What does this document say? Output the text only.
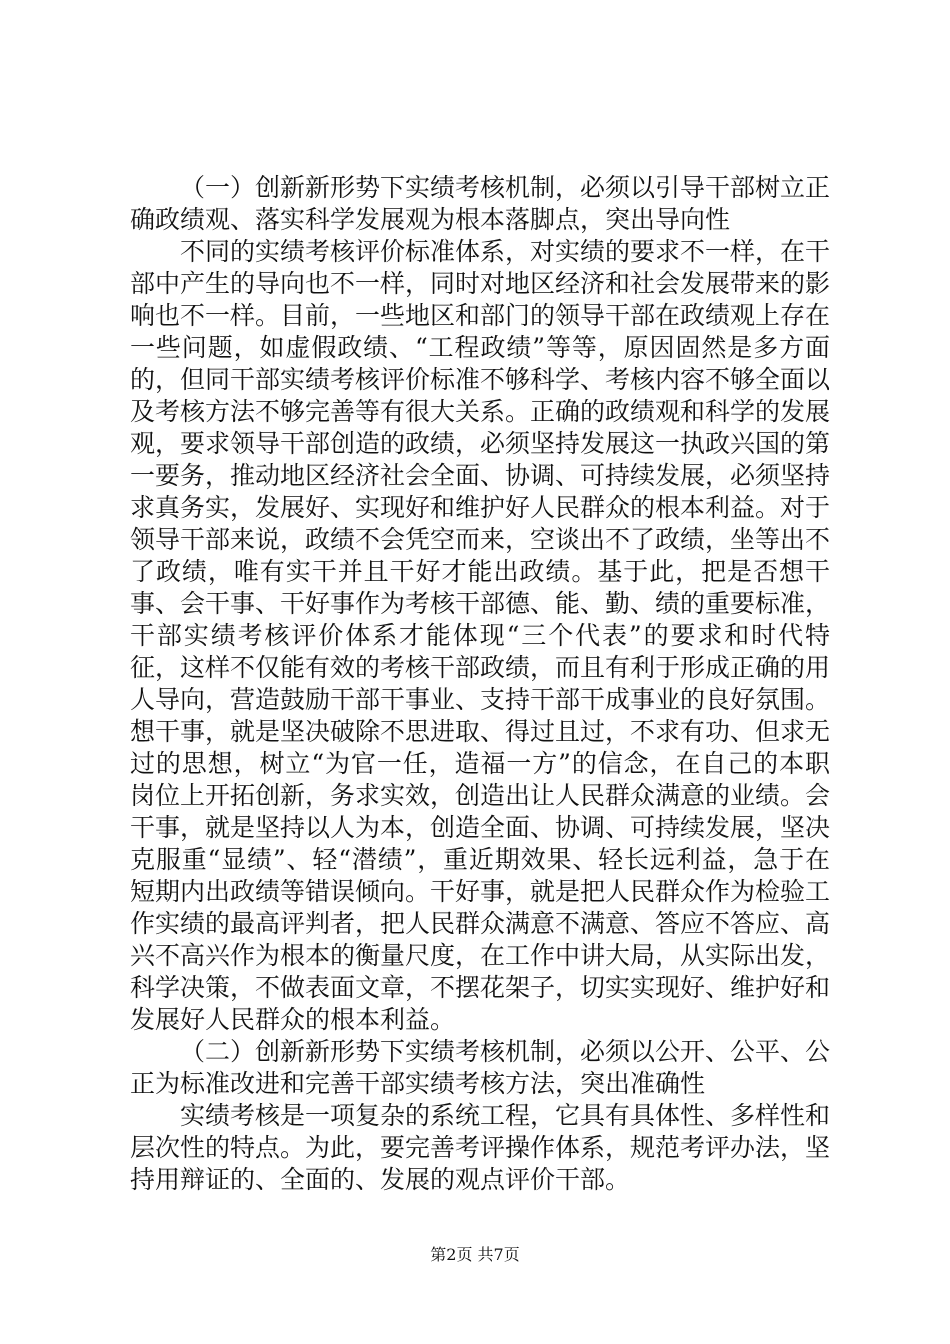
（一）创新新形势下实绩考核机制，必须以引导干部树立正确政绩观、落实科学发展观为根本落脚点，突出导向性

不同的实绩考核评价标准体系，对实绩的要求不一样，在干部中产生的导向也不一样，同时对地区经济和社会发展带来的影响也不一样。目前，一些地区和部门的领导干部在政绩观上存在一些问题，如虚假政绩、“工程政绩”等等，原因固然是多方面的，但同干部实绩考核评价标准不够科学、考核内容不够全面以及考核方法不够完善等有很大关系。正确的政绩观和科学的发展观，要求领导干部创造的政绩，必须坚持发展这一执政兴国的第一要务，推动地区经济社会全面、协调、可持续发展，必须坚持求真务实，发展好、实现好和维护好人民群众的根本利益。对于领导干部来说，政绩不会凭空而来，空谈出不了政绩，坐等出不了政绩，唯有实干并且干好才能出政绩。基于此，把是否想干事、会干事、干好事作为考核干部德、能、勤、绩的重要标准，干部实绩考核评价体系才能体现“三个代表”的要求和时代特征，这样不仅能有效的考核干部政绩，而且有利于形成正确的用人导向，营造鼓励干部干事业、支持干部干成事业的良好氛围。想干事，就是坚决破除不思进取、得过且过，不求有功、但求无过的思想，树立“为官一任，造福一方”的信念，在自己的本职岗位上开拓创新，务求实效，创造出让人民群众满意的业绩。会干事，就是坚持以人为本，创造全面、协调、可持续发展，坚决克服重“显绩”、轻“潜绩”，重近期效果、轻长远利益，急于在短期内出政绩等错误倾向。干好事，就是把人民群众作为检验工作实绩的最高评判者，把人民群众满意不满意、答应不答应、高兴不高兴作为根本的衡量尺度，在工作中讲大局，从实际出发，科学决策，不做表面文章，不摆花架子，切实实现好、维护好和发展好人民群众的根本利益。

（二）创新新形势下实绩考核机制，必须以公开、公平、公正为标准改进和完善干部实绩考核方法，突出准确性

实绩考核是一项复杂的系统工程，它具有具体性、多样性和层次性的特点。为此，要完善考评操作体系，规范考评办法，坚持用辩证的、全面的、发展的观点评价干部。

第2页 共7页
